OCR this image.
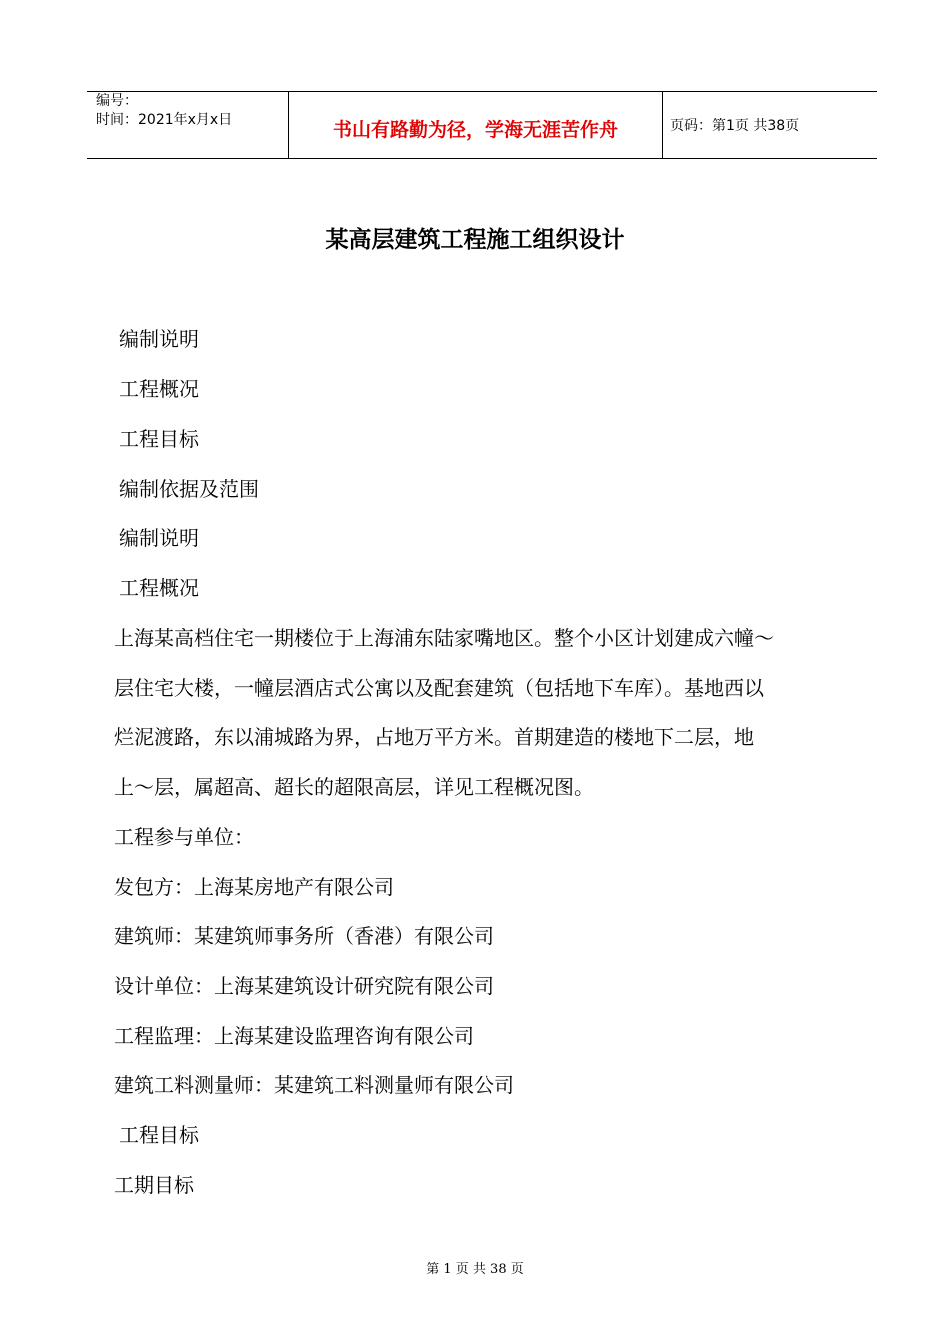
编号：
时间：2021年x月x日	书山有路勤为径，学海无涯苦作舟	页码：第1页 共38页
某高层建筑工程施工组织设计
编制说明
工程概况
工程目标
编制依据及范围
编制说明
工程概况
上海某高档住宅一期楼位于上海浦东陆家嘴地区。整个小区计划建成六幢～
层住宅大楼，一幢层酒店式公寓以及配套建筑（包括地下车库）。基地西以
烂泥渡路，东以浦城路为界，占地万平方米。首期建造的楼地下二层，地
上～层，属超高、超长的超限高层，详见工程概况图。
工程参与单位：
发包方：上海某房地产有限公司
建筑师：某建筑师事务所（香港）有限公司
设计单位：上海某建筑设计研究院有限公司
工程监理：上海某建设监理咨询有限公司
建筑工料测量师：某建筑工料测量师有限公司
工程目标
工期目标
第 1 页 共 38 页
